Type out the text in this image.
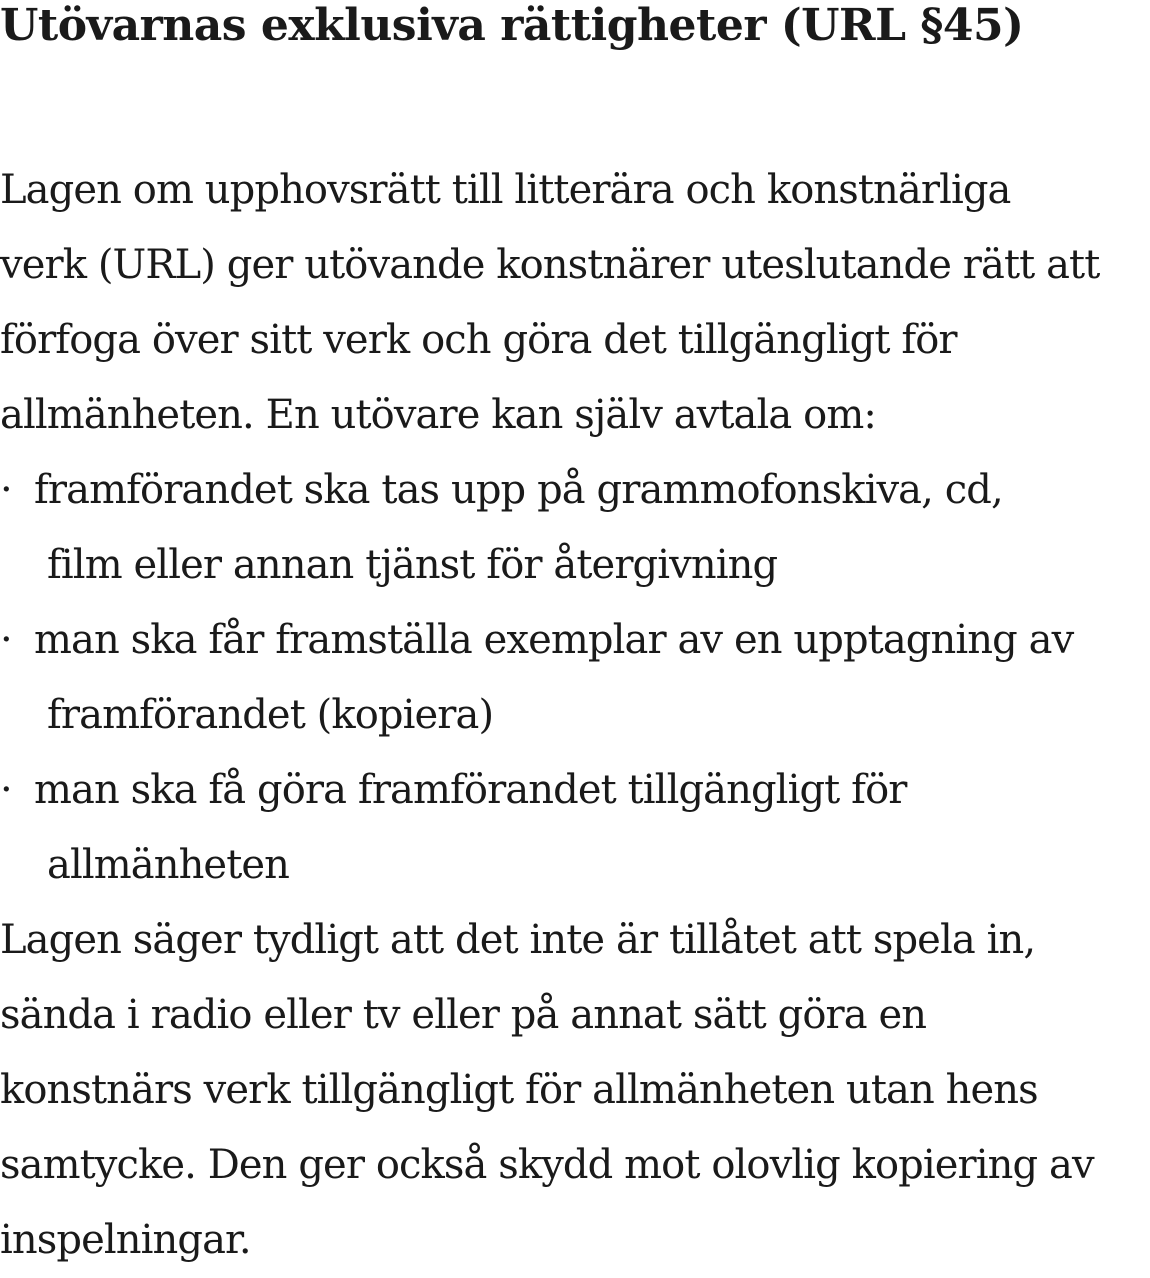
Utövarnas exklusiva rättigheter (URL §45)
Lagen om upphovsrätt till litterära och konstnärliga
verk (URL) ger utövande konstnärer uteslutande rätt att
förfoga över sitt verk och göra det tillgängligt för
allmänheten. En utövare kan själv avtala om:
· framförandet ska tas upp på grammofonskiva, cd,
film eller annan tjänst för återgivning
· man ska får framställa exemplar av en upptagning av
framförandet (kopiera)
· man ska få göra framförandet tillgängligt för
allmänheten
Lagen säger tydligt att det inte är tillåtet att spela in,
sända i radio eller tv eller på annat sätt göra en
konstnärs verk tillgängligt för allmänheten utan hens
samtycke. Den ger också skydd mot olovlig kopiering av
inspelningar.
